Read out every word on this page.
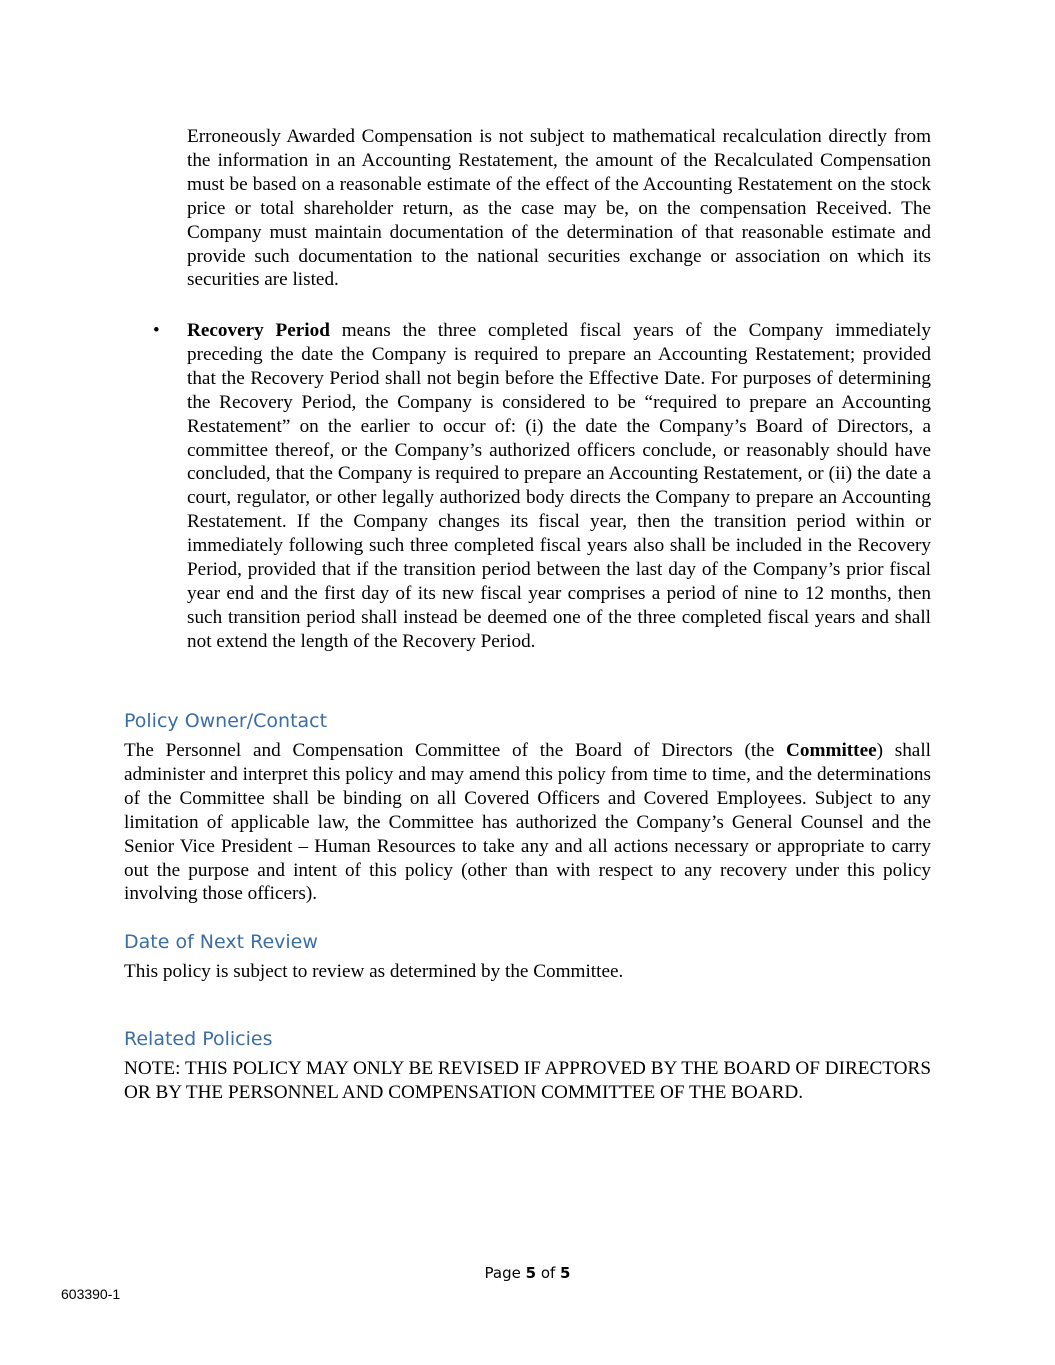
Erroneously Awarded Compensation is not subject to mathematical recalculation directly from the information in an Accounting Restatement, the amount of the Recalculated Compensation must be based on a reasonable estimate of the effect of the Accounting Restatement on the stock price or total shareholder return, as the case may be, on the compensation Received. The Company must maintain documentation of the determination of that reasonable estimate and provide such documentation to the national securities exchange or association on which its securities are listed.

• Recovery Period means the three completed fiscal years of the Company immediately preceding the date the Company is required to prepare an Accounting Restatement; provided that the Recovery Period shall not begin before the Effective Date. For purposes of determining the Recovery Period, the Company is considered to be “required to prepare an Accounting Restatement” on the earlier to occur of: (i) the date the Company’s Board of Directors, a committee thereof, or the Company’s authorized officers conclude, or reasonably should have concluded, that the Company is required to prepare an Accounting Restatement, or (ii) the date a court, regulator, or other legally authorized body directs the Company to prepare an Accounting Restatement. If the Company changes its fiscal year, then the transition period within or immediately following such three completed fiscal years also shall be included in the Recovery Period, provided that if the transition period between the last day of the Company’s prior fiscal year end and the first day of its new fiscal year comprises a period of nine to 12 months, then such transition period shall instead be deemed one of the three completed fiscal years and shall not extend the length of the Recovery Period.

Policy Owner/Contact

The Personnel and Compensation Committee of the Board of Directors (the Committee) shall administer and interpret this policy and may amend this policy from time to time, and the determinations of the Committee shall be binding on all Covered Officers and Covered Employees. Subject to any limitation of applicable law, the Committee has authorized the Company’s General Counsel and the Senior Vice President – Human Resources to take any and all actions necessary or appropriate to carry out the purpose and intent of this policy (other than with respect to any recovery under this policy involving those officers).

Date of Next Review

This policy is subject to review as determined by the Committee.

Related Policies

NOTE: THIS POLICY MAY ONLY BE REVISED IF APPROVED BY THE BOARD OF DIRECTORS OR BY THE PERSONNEL AND COMPENSATION COMMITTEE OF THE BOARD.

Page 5 of 5
603390-1
